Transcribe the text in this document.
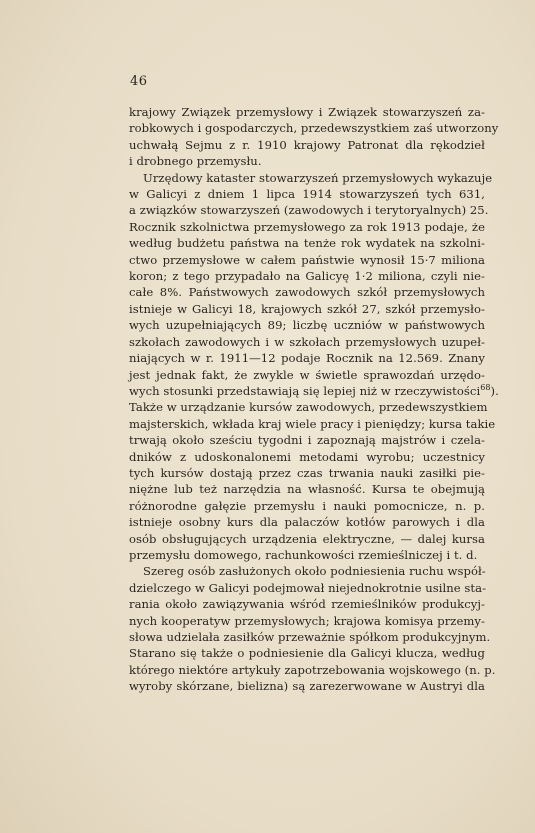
46
krajowy Związek przemysłowy i Związek stowarzyszeń za-
robkowych i gospodarczych, przedewszystkiem zaś utworzony
uchwałą Sejmu z r. 1910 krajowy Patronat dla rękodzieł
i drobnego przemysłu.
Urzędowy kataster stowarzyszeń przemysłowych wykazuje
w Galicyi z dniem 1 lipca 1914 stowarzyszeń tych 631,
a związków stowarzyszeń (zawodowych i terytoryalnych) 25.
Rocznik szkolnictwa przemysłowego za rok 1913 podaje, że
według budżetu państwa na tenże rok wydatek na szkolni-
ctwo przemysłowe w całem państwie wynosił 15·7 miliona
koron; z tego przypadało na Galicyę 1·2 miliona, czyli nie-
całe 8%. Państwowych zawodowych szkół przemysłowych
istnieje w Galicyi 18, krajowych szkół 27, szkół przemysło-
wych uzupełniających 89; liczbę uczniów w państwowych
szkołach zawodowych i w szkołach przemysłowych uzupeł-
niających w r. 1911—12 podaje Rocznik na 12.569. Znany
jest jednak fakt, że zwykle w świetle sprawozdań urzędo-
wych stosunki przedstawiają się lepiej niż w rzeczywistości$^{68}$).
Także w urządzanie kursów zawodowych, przedewszystkiem
majsterskich, wkłada kraj wiele pracy i pieniędzy; kursa takie
trwają około sześciu tygodni i zapoznają majstrów i czela-
dników z udoskonalonemi metodami wyrobu; uczestnicy
tych kursów dostają przez czas trwania nauki zasiłki pie-
niężne lub też narzędzia na własność. Kursa te obejmują
różnorodne gałęzie przemysłu i nauki pomocnicze, n. p.
istnieje osobny kurs dla palaczów kotłów parowych i dla
osób obsługujących urządzenia elektryczne, — dalej kursa
przemysłu domowego, rachunkowości rzemieślniczej i t. d.
Szereg osób zasłużonych około podniesienia ruchu współ-
dzielczego w Galicyi podejmował niejednokrotnie usilne sta-
rania około zawiązywania wśród rzemieślników produkcyj-
nych kooperatyw przemysłowych; krajowa komisya przemy-
słowa udzielała zasiłków przeważnie spółkom produkcyjnym.
Starano się także o podniesienie dla Galicyi klucza, według
którego niektóre artykuły zapotrzebowania wojskowego (n. p.
wyroby skórzane, bielizna) są zarezerwowane w Austryi dla
